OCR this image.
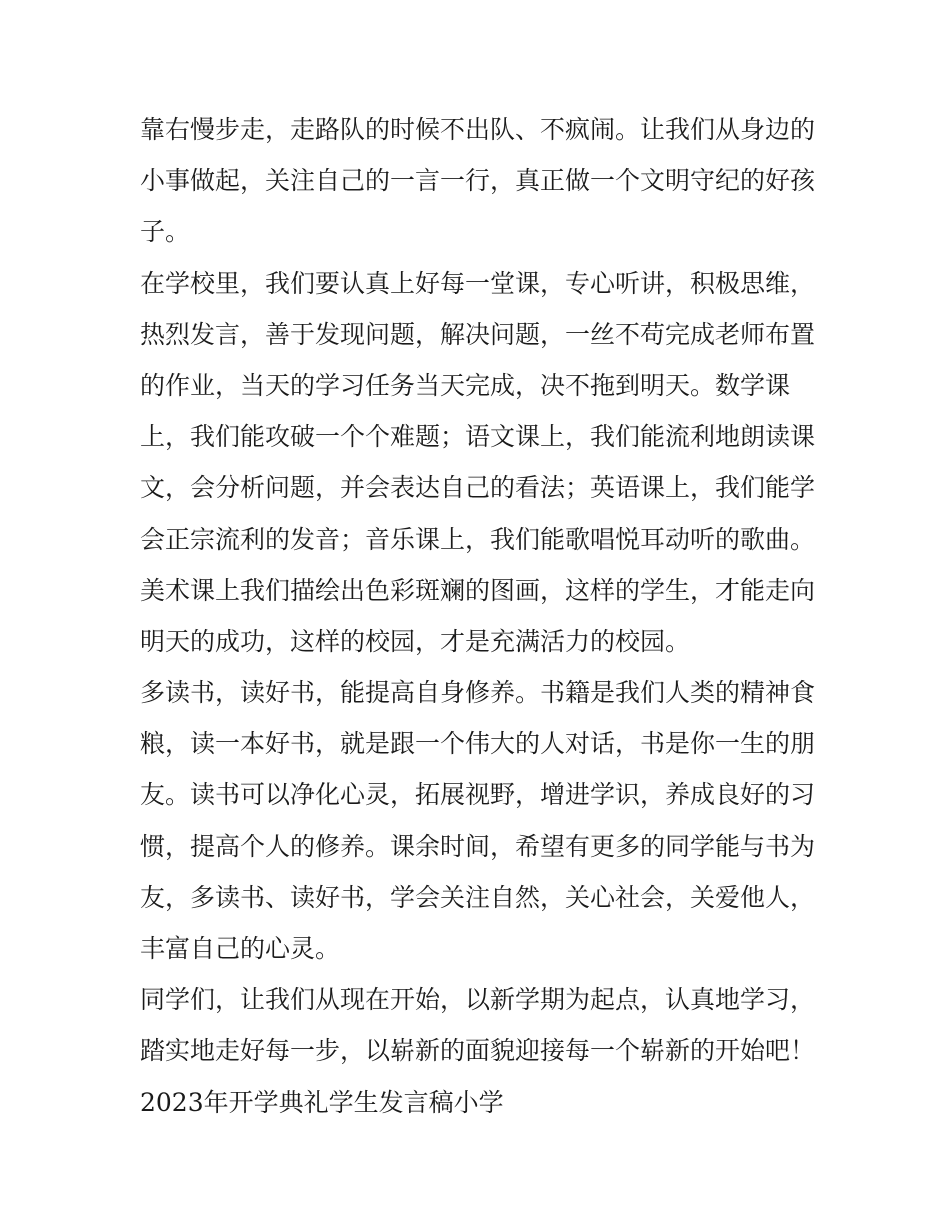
靠右慢步走，走路队的时候不出队、不疯闹。让我们从身边的
小事做起，关注自己的一言一行，真正做一个文明守纪的好孩
子。
在学校里，我们要认真上好每一堂课，专心听讲，积极思维，
热烈发言，善于发现问题，解决问题，一丝不苟完成老师布置
的作业，当天的学习任务当天完成，决不拖到明天。数学课
上，我们能攻破一个个难题；语文课上，我们能流利地朗读课
文，会分析问题，并会表达自己的看法；英语课上，我们能学
会正宗流利的发音；音乐课上，我们能歌唱悦耳动听的歌曲。
美术课上我们描绘出色彩斑斓的图画，这样的学生，才能走向
明天的成功，这样的校园，才是充满活力的校园。
多读书，读好书，能提高自身修养。书籍是我们人类的精神食
粮，读一本好书，就是跟一个伟大的人对话，书是你一生的朋
友。读书可以净化心灵，拓展视野，增进学识，养成良好的习
惯，提高个人的修养。课余时间，希望有更多的同学能与书为
友，多读书、读好书，学会关注自然，关心社会，关爱他人，
丰富自己的心灵。
同学们，让我们从现在开始，以新学期为起点，认真地学习，
踏实地走好每一步，以崭新的面貌迎接每一个崭新的开始吧！
2023年开学典礼学生发言稿小学
